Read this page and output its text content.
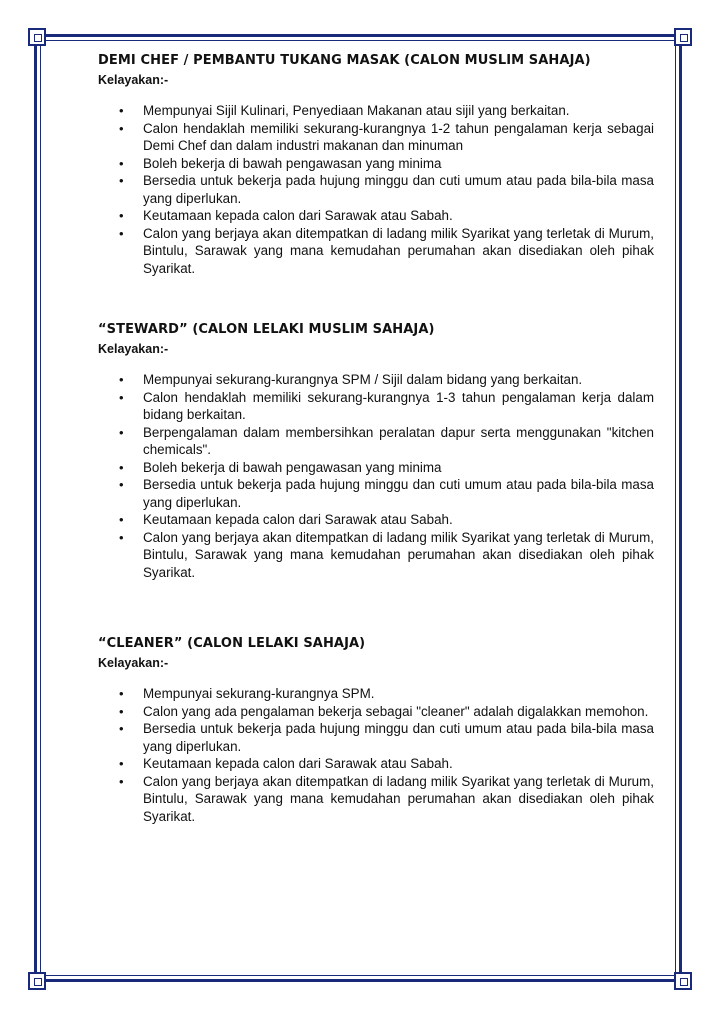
DEMI CHEF / PEMBANTU TUKANG MASAK (CALON MUSLIM SAHAJA)

Kelayakan:-

• Mempunyai Sijil Kulinari, Penyediaan Makanan atau sijil yang berkaitan.
• Calon hendaklah memiliki sekurang-kurangnya 1-2 tahun pengalaman kerja sebagai Demi Chef dan dalam industri makanan dan minuman
• Boleh bekerja di bawah pengawasan yang minima
• Bersedia untuk bekerja pada hujung minggu dan cuti umum atau pada bila-bila masa yang diperlukan.
• Keutamaan kepada calon dari Sarawak atau Sabah.
• Calon yang berjaya akan ditempatkan di ladang milik Syarikat yang terletak di Murum, Bintulu, Sarawak yang mana kemudahan perumahan akan disediakan oleh pihak Syarikat.
“STEWARD” (CALON LELAKI MUSLIM SAHAJA)

Kelayakan:-

• Mempunyai sekurang-kurangnya SPM / Sijil dalam bidang yang berkaitan.
• Calon hendaklah memiliki sekurang-kurangnya 1-3 tahun pengalaman kerja dalam bidang berkaitan.
• Berpengalaman dalam membersihkan peralatan dapur serta menggunakan "kitchen chemicals".
• Boleh bekerja di bawah pengawasan yang minima
• Bersedia untuk bekerja pada hujung minggu dan cuti umum atau pada bila-bila masa yang diperlukan.
• Keutamaan kepada calon dari Sarawak atau Sabah.
• Calon yang berjaya akan ditempatkan di ladang milik Syarikat yang terletak di Murum, Bintulu, Sarawak yang mana kemudahan perumahan akan disediakan oleh pihak Syarikat.
“CLEANER” (CALON LELAKI SAHAJA)

Kelayakan:-

• Mempunyai sekurang-kurangnya SPM.
• Calon yang ada pengalaman bekerja sebagai "cleaner" adalah digalakkan memohon.
• Bersedia untuk bekerja pada hujung minggu dan cuti umum atau pada bila-bila masa yang diperlukan.
• Keutamaan kepada calon dari Sarawak atau Sabah.
• Calon yang berjaya akan ditempatkan di ladang milik Syarikat yang terletak di Murum, Bintulu, Sarawak yang mana kemudahan perumahan akan disediakan oleh pihak Syarikat.
